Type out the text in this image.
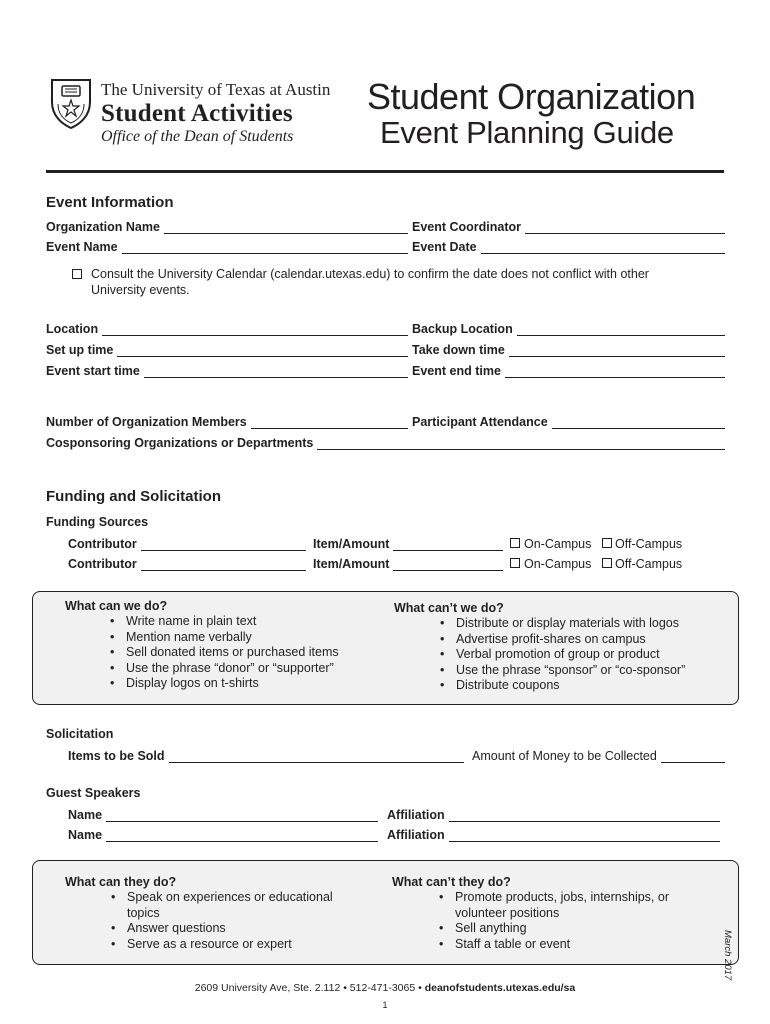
The University of Texas at Austin
Student Activities
Office of the Dean of Students
Student Organization
Event Planning Guide
Event Information
Organization Name	Event Coordinator
Event Name	Event Date
Consult the University Calendar (calendar.utexas.edu) to confirm the date does not conflict with other University events.
Location	Backup Location
Set up time	Take down time
Event start time	Event end time
Number of Organization Members	Participant Attendance
Cosponsoring Organizations or Departments
Funding and Solicitation
Funding Sources
Contributor	Item/Amount	On-Campus Off-Campus
Contributor	Item/Amount	On-Campus Off-Campus
What can we do?
• Write name in plain text
• Mention name verbally
• Sell donated items or purchased items
• Use the phrase “donor” or “supporter”
• Display logos on t-shirts
What can’t we do?
• Distribute or display materials with logos
• Advertise profit-shares on campus
• Verbal promotion of group or product
• Use the phrase “sponsor” or “co-sponsor”
• Distribute coupons
Solicitation
Items to be Sold	Amount of Money to be Collected
Guest Speakers
Name	Affiliation
Name	Affiliation
What can they do?
• Speak on experiences or educational topics
• Answer questions
• Serve as a resource or expert
What can’t they do?
• Promote products, jobs, internships, or volunteer positions
• Sell anything
• Staff a table or event	March 2017
2609 University Ave, Ste. 2.112 • 512-471-3065 • deanofstudents.utexas.edu/sa
1
